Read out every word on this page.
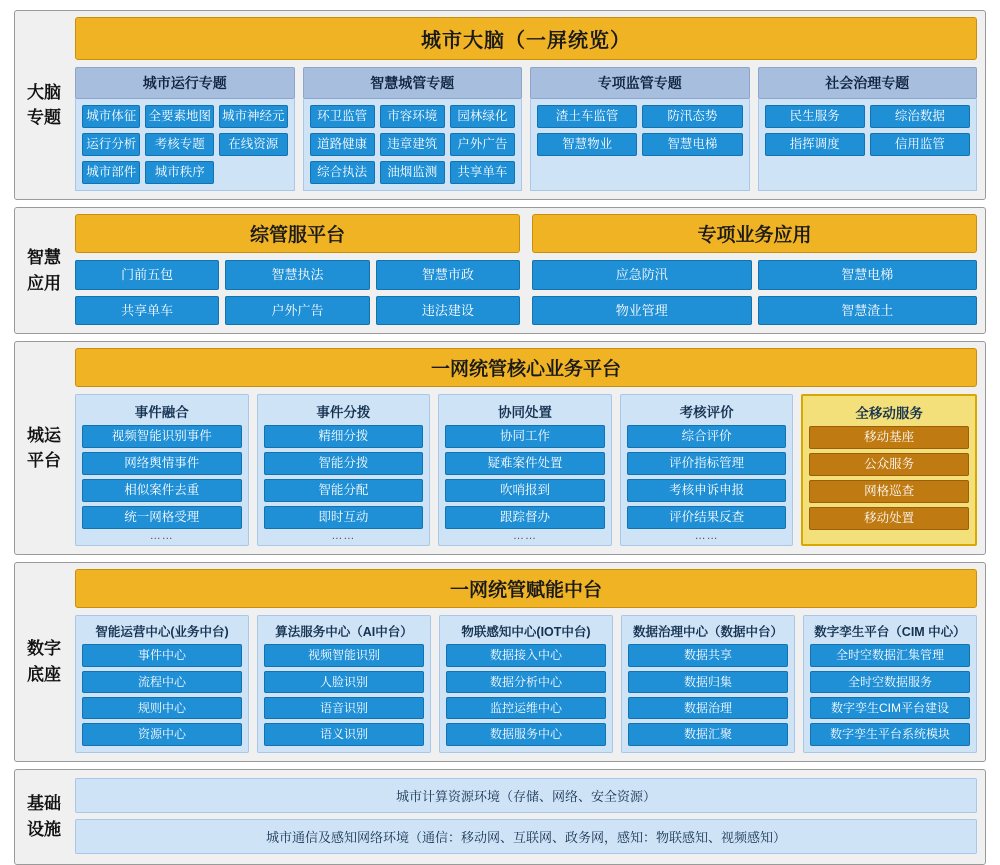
大脑
专题
城市大脑（一屏统览）
城市运行专题
城市体征 全要素地图 城市神经元
运行分析	考核专题	在线资源
城市部件	城市秩序
智慧城管专题
环卫监管	市容环境	园林绿化
道路健康	违章建筑	户外广告
综合执法	油烟监测	共享单车
专项监管专题
渣土车监管	防汛态势
智慧物业	智慧电梯
社会治理专题
民生服务	综治数据
指挥调度	信用监管
智慧
应用
综管服平台
门前五包	智慧执法	智慧市政
共享单车	户外广告	违法建设
专项业务应用
应急防汛	智慧电梯
物业管理	智慧渣土
城运
平台
一网统管核心业务平台
事件融合
视频智能识别事件
网络舆情事件
相似案件去重
统一网格受理
……
事件分拨
精细分拨
智能分拨
智能分配
即时互动
……
协同处置
协同工作
疑难案件处置
吹哨报到
跟踪督办
……
考核评价
综合评价
评价指标管理
考核申诉申报
评价结果反查
……
全移动服务
移动基座
公众服务
网格巡查
移动处置
数字
底座
一网统管赋能中台
智能运营中心(业务中台)
事件中心
流程中心
规则中心
资源中心
算法服务中心（AI中台）
视频智能识别
人脸识别
语音识别
语义识别
物联感知中心(IOT中台)
数据接入中心
数据分析中心
监控运维中心
数据服务中心
数据治理中心（数据中台）
数据共享
数据归集
数据治理
数据汇聚
数字孪生平台（CIM 中心）
全时空数据汇集管理
全时空数据服务
数字孪生CIM平台建设
数字孪生平台系统模块
基础
设施
城市计算资源环境（存储、网络、安全资源）
城市通信及感知网络环境（通信：移动网、互联网、政务网，感知：物联感知、视频感知）
